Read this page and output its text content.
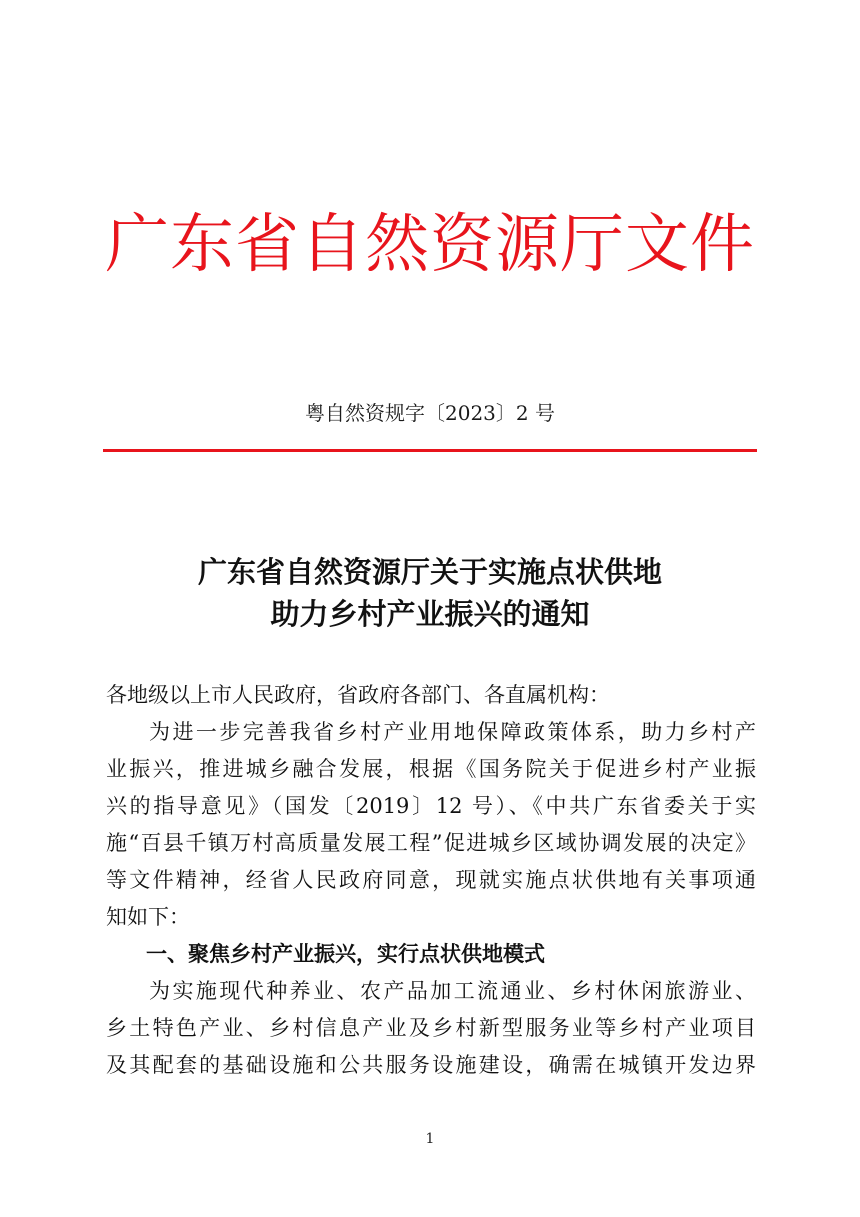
广东省自然资源厅文件
粤自然资规字〔2023〕2 号
广东省自然资源厅关于实施点状供地
助力乡村产业振兴的通知
各地级以上市人民政府，省政府各部门、各直属机构：
为进一步完善我省乡村产业用地保障政策体系，助力乡村产
业振兴，推进城乡融合发展，根据《国务院关于促进乡村产业振
兴的指导意见》（国发〔2019〕12 号）、《中共广东省委关于实
施“百县千镇万村高质量发展工程”促进城乡区域协调发展的决定》
等文件精神，经省人民政府同意，现就实施点状供地有关事项通
知如下：
一、聚焦乡村产业振兴，实行点状供地模式
为实施现代种养业、农产品加工流通业、乡村休闲旅游业、
乡土特色产业、乡村信息产业及乡村新型服务业等乡村产业项目
及其配套的基础设施和公共服务设施建设，确需在城镇开发边界
1
